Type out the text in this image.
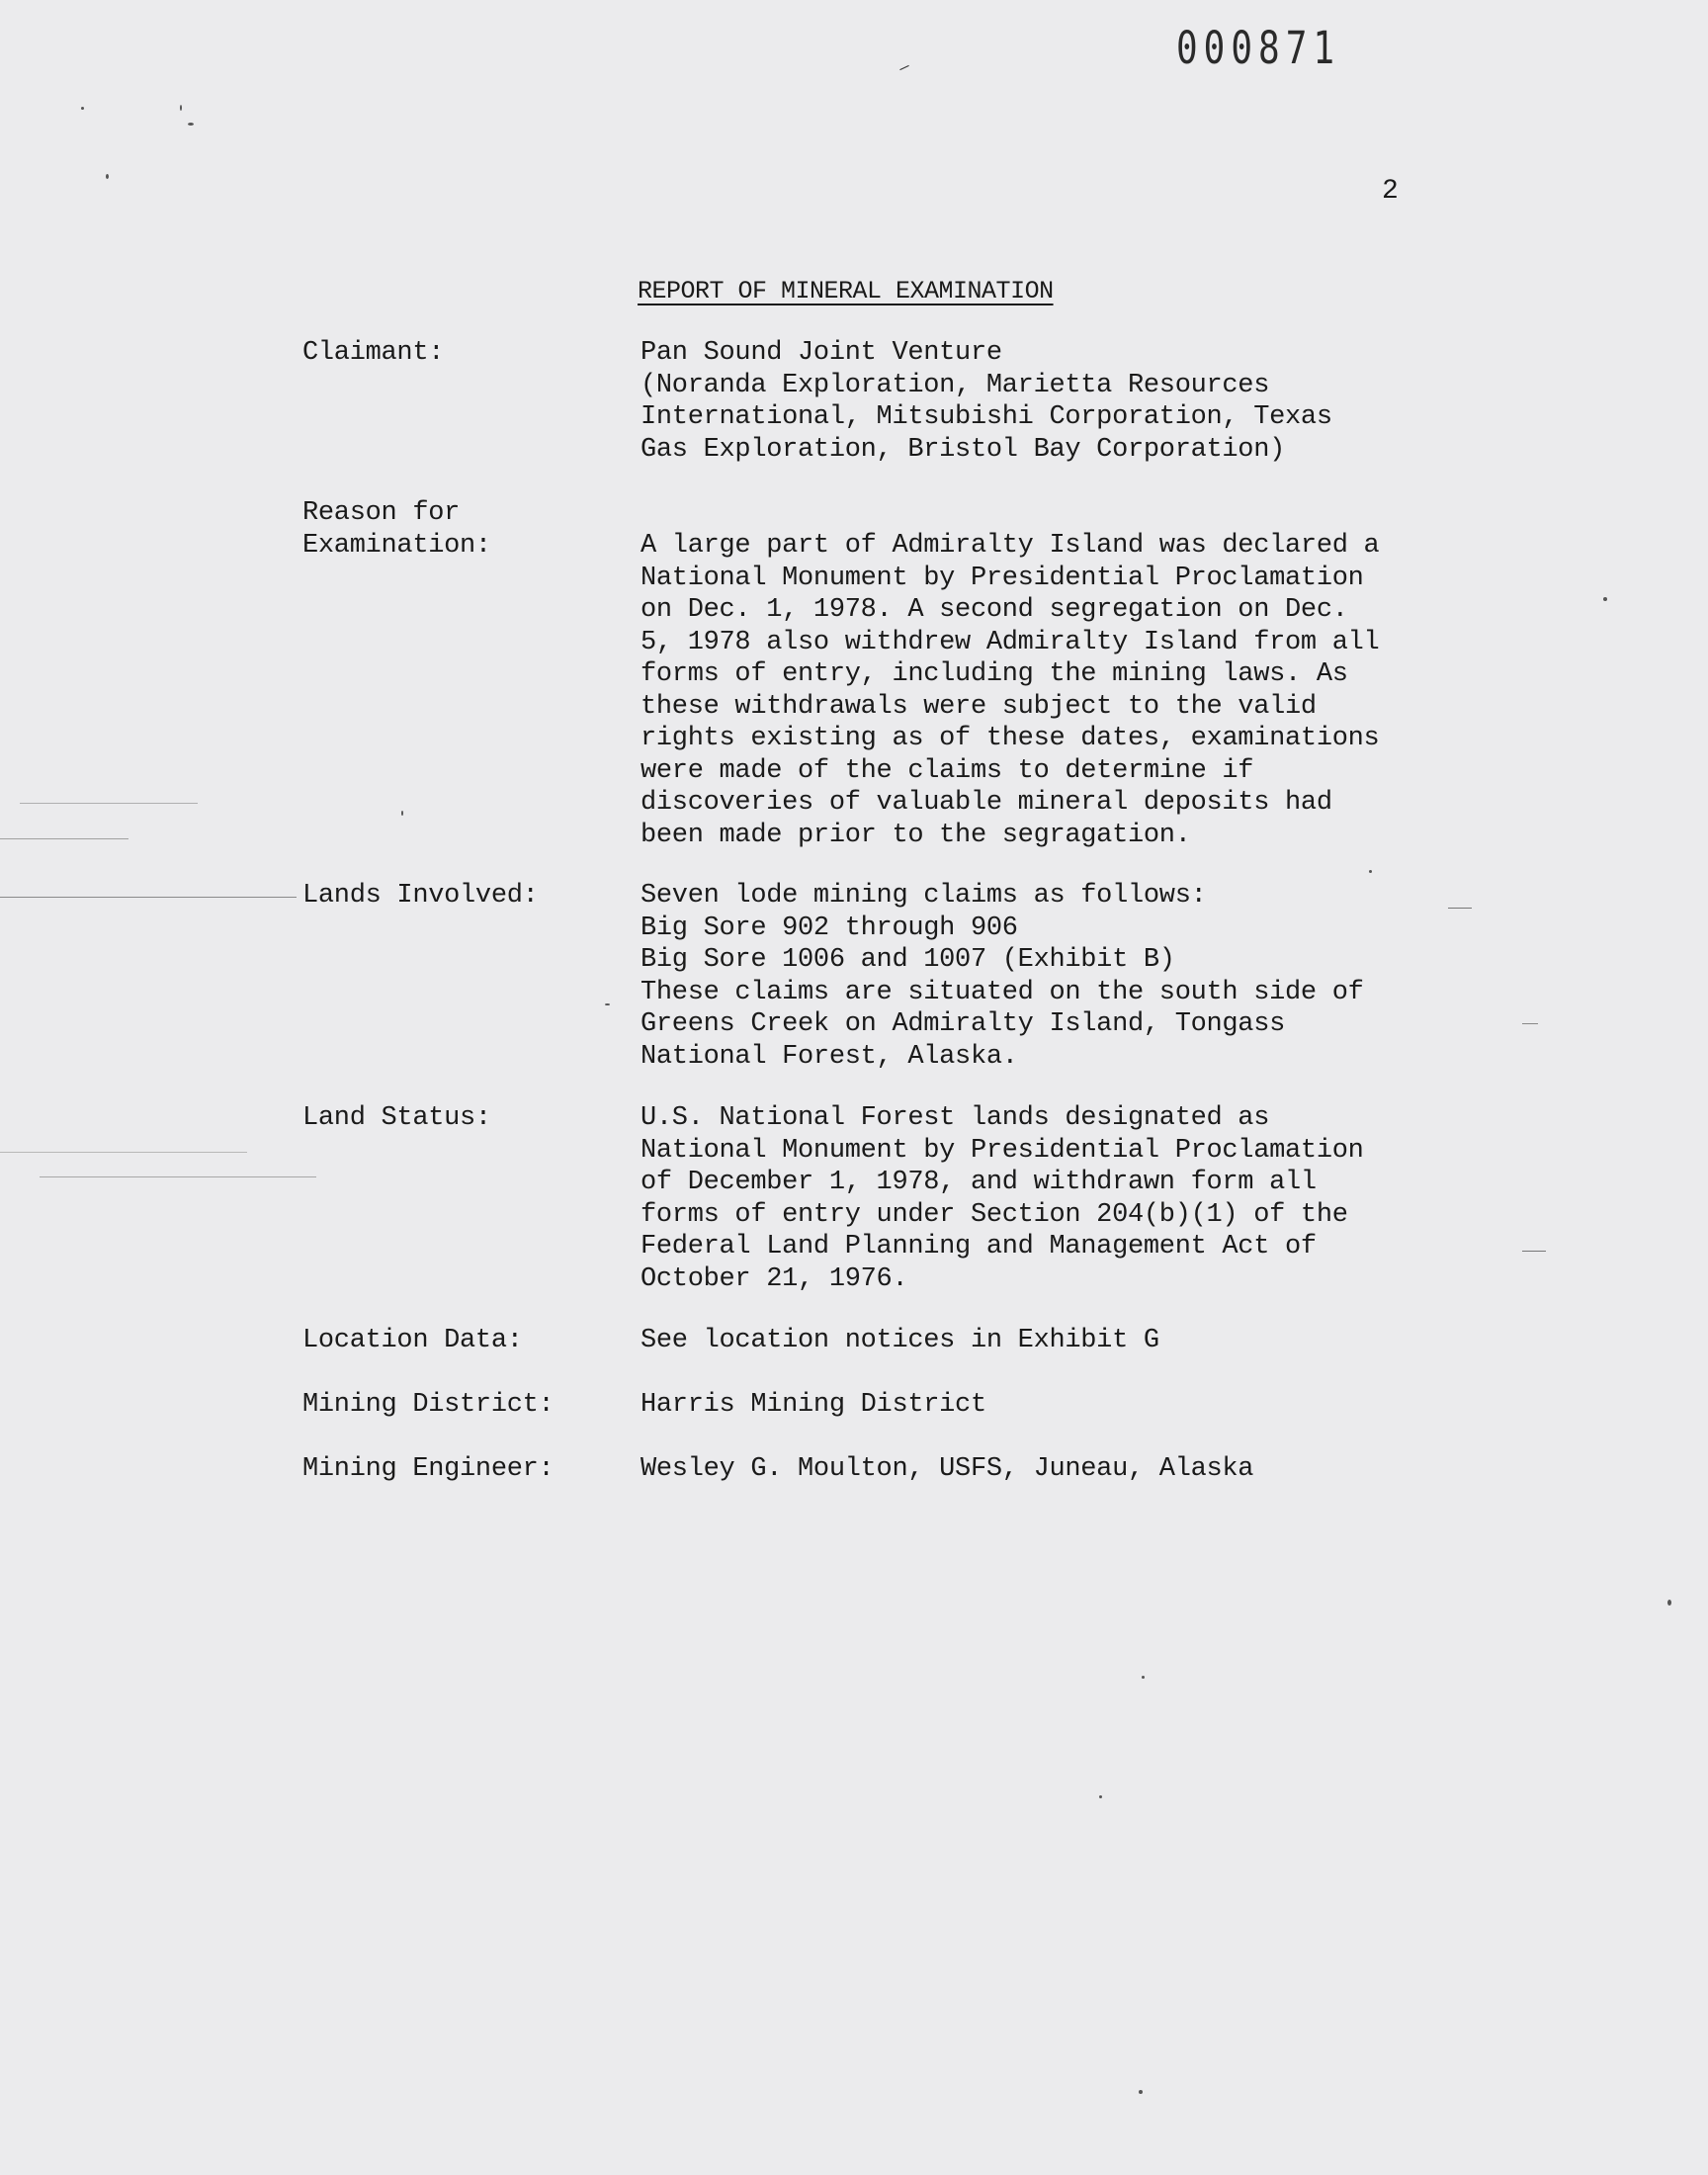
000871
2
REPORT OF MINERAL EXAMINATION
Claimant:	Pan Sound Joint Venture
(Noranda Exploration, Marietta Resources
International, Mitsubishi Corporation, Texas
Gas Exploration, Bristol Bay Corporation)
Reason for
Examination:	A large part of Admiralty Island was declared a
National Monument by Presidential Proclamation
on Dec. 1, 1978. A second segregation on Dec.
5, 1978 also withdrew Admiralty Island from all
forms of entry, including the mining laws. As
these withdrawals were subject to the valid
rights existing as of these dates, examinations
were made of the claims to determine if
discoveries of valuable mineral deposits had
been made prior to the segragation.
Lands Involved:	Seven lode mining claims as follows:
Big Sore 902 through 906
Big Sore 1006 and 1007 (Exhibit B)
These claims are situated on the south side of
Greens Creek on Admiralty Island, Tongass
National Forest, Alaska.
Land Status:	U.S. National Forest lands designated as
National Monument by Presidential Proclamation
of December 1, 1978, and withdrawn form all
forms of entry under Section 204(b)(1) of the
Federal Land Planning and Management Act of
October 21, 1976.
Location Data:	See location notices in Exhibit G
Mining District:	Harris Mining District
Mining Engineer:	Wesley G. Moulton, USFS, Juneau, Alaska
